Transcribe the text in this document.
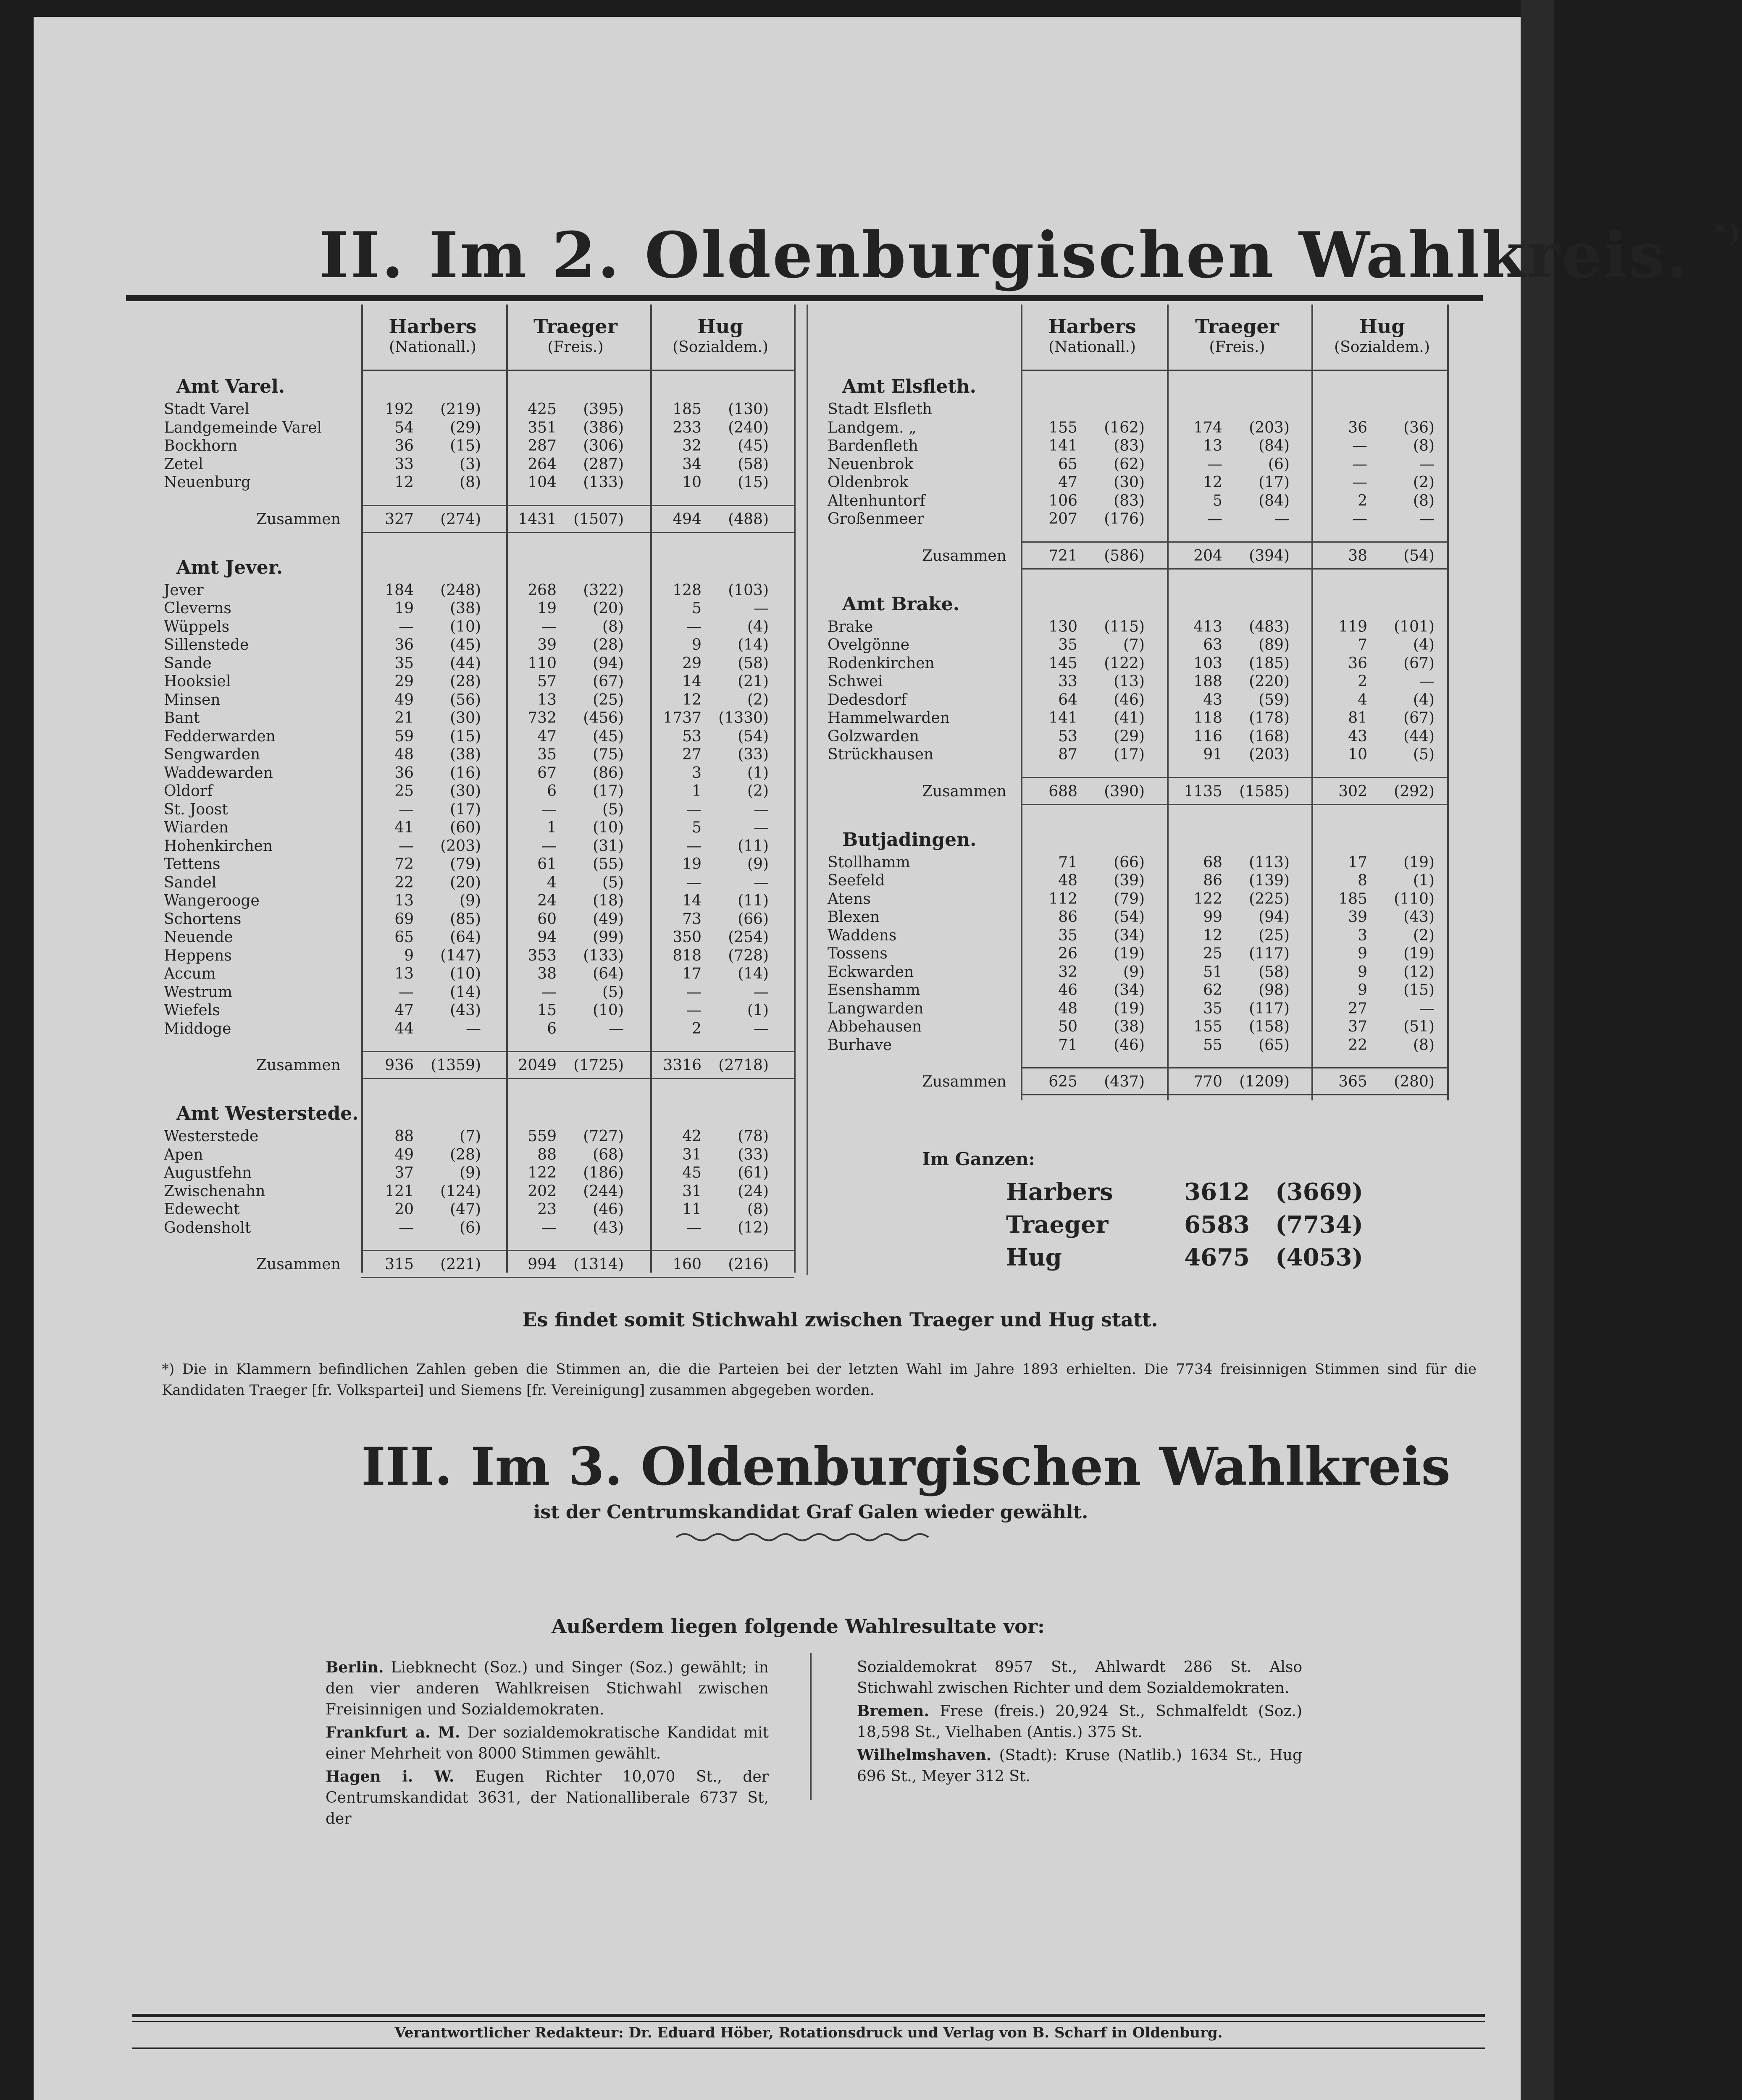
II. Im 2. Oldenburgischen Wahlkreis. *)
Es findet somit Stichwahl zwischen Traeger und Hug statt.
*) Die in Klammern befindlichen Zahlen geben die Stimmen an, die die Parteien bei der letzten Wahl im Jahre 1893 erhielten. Die 7734 freisinnigen Stimmen sind für die Kandidaten Traeger [fr. Volkspartei] und Siemens [fr. Vereinigung] zusammen abgegeben worden.
III. Im 3. Oldenburgischen Wahlkreis
ist der Centrumskandidat Graf Galen wieder gewählt.
Außerdem liegen folgende Wahlresultate vor:
Berlin. Liebknecht (Soz.) und Singer (Soz.) gewählt; in den vier anderen Wahlkreisen Stichwahl zwischen Freisinnigen und Sozialdemokraten.
Frankfurt a. M. Der sozialdemokratische Kandidat mit einer Mehrheit von 8000 Stimmen gewählt.
Hagen i. W. Eugen Richter 10,070 St., der Centrumskandidat 3631, der Nationalliberale 6737 St, der
Sozialdemokrat 8957 St., Ahlwardt 286 St. Also Stichwahl zwischen Richter und dem Sozialdemokraten.
Bremen. Frese (freis.) 20,924 St., Schmalfeldt (Soz.) 18,598 St., Vielhaben (Antis.) 375 St.
Wilhelmshaven. (Stadt): Kruse (Natlib.) 1634 St., Hug 696 St., Meyer 312 St.
Verantwortlicher Redakteur: Dr. Eduard Höber, Rotationsdruck und Verlag von B. Scharf in Oldenburg.
Harbers
(Nationall.)
Traeger
(Freis.)
Hug
(Sozialdem.)
Amt Varel.
Stadt Varel	192	(219)	425	(395)	185	(130)
Landgemeinde Varel	54	(29)	351	(386)	233	(240)
Bockhorn	36	(15)	287	(306)	32	(45)
Zetel	33	(3)	264	(287)	34	(58)
Neuenburg	12	(8)	104	(133)	10	(15)
Zusammen	327	(274)	1431	(1507)	494	(488)
Amt Jever.
Jever	184	(248)	268	(322)	128	(103)
Cleverns	19	(38)	19	(20)	5	—
Wüppels	—	(10)	—	(8)	—	(4)
Sillenstede	36	(45)	39	(28)	9	(14)
Sande	35	(44)	110	(94)	29	(58)
Hooksiel	29	(28)	57	(67)	14	(21)
Minsen	49	(56)	13	(25)	12	(2)
Bant	21	(30)	732	(456)	1737	(1330)
Fedderwarden	59	(15)	47	(45)	53	(54)
Sengwarden	48	(38)	35	(75)	27	(33)
Waddewarden	36	(16)	67	(86)	3	(1)
Oldorf	25	(30)	6	(17)	1	(2)
St. Joost	—	(17)	—	(5)	—	—
Wiarden	41	(60)	1	(10)	5	—
Hohenkirchen	—	(203)	—	(31)	—	(11)
Tettens	72	(79)	61	(55)	19	(9)
Sandel	22	(20)	4	(5)	—	—
Wangerooge	13	(9)	24	(18)	14	(11)
Schortens	69	(85)	60	(49)	73	(66)
Neuende	65	(64)	94	(99)	350	(254)
Heppens	9	(147)	353	(133)	818	(728)
Accum	13	(10)	38	(64)	17	(14)
Westrum	—	(14)	—	(5)	—	—
Wiefels	47	(43)	15	(10)	—	(1)
Middoge	44	—	6	—	2	—
Zusammen	936	(1359)	2049	(1725)	3316	(2718)
Amt Westerstede.
Westerstede	88	(7)	559	(727)	42	(78)
Apen	49	(28)	88	(68)	31	(33)
Augustfehn	37	(9)	122	(186)	45	(61)
Zwischenahn	121	(124)	202	(244)	31	(24)
Edewecht	20	(47)	23	(46)	11	(8)
Godensholt	—	(6)	—	(43)	—	(12)
Zusammen	315	(221)	994	(1314)	160	(216)
Harbers
(Nationall.)
Traeger
(Freis.)
Hug
(Sozialdem.)
Amt Elsfleth.
Stadt Elsfleth
Landgem. „	155	(162)	174	(203)	36	(36)
Bardenfleth	141	(83)	13	(84)	—	(8)
Neuenbrok	65	(62)	—	(6)	—	—
Oldenbrok	47	(30)	12	(17)	—	(2)
Altenhuntorf	106	(83)	5	(84)	2	(8)
Großenmeer	207	(176)	—	—	—	—
Zusammen	721	(586)	204	(394)	38	(54)
Amt Brake.
Brake	130	(115)	413	(483)	119	(101)
Ovelgönne	35	(7)	63	(89)	7	(4)
Rodenkirchen	145	(122)	103	(185)	36	(67)
Schwei	33	(13)	188	(220)	2	—
Dedesdorf	64	(46)	43	(59)	4	(4)
Hammelwarden	141	(41)	118	(178)	81	(67)
Golzwarden	53	(29)	116	(168)	43	(44)
Strückhausen	87	(17)	91	(203)	10	(5)
Zusammen	688	(390)	1135	(1585)	302	(292)
Butjadingen.
Stollhamm	71	(66)	68	(113)	17	(19)
Seefeld	48	(39)	86	(139)	8	(1)
Atens	112	(79)	122	(225)	185	(110)
Blexen	86	(54)	99	(94)	39	(43)
Waddens	35	(34)	12	(25)	3	(2)
Tossens	26	(19)	25	(117)	9	(19)
Eckwarden	32	(9)	51	(58)	9	(12)
Esenshamm	46	(34)	62	(98)	9	(15)
Langwarden	48	(19)	35	(117)	27	—
Abbehausen	50	(38)	155	(158)	37	(51)
Burhave	71	(46)	55	(65)	22	(8)
Zusammen	625	(437)	770	(1209)	365	(280)
Im Ganzen:
Harbers	3612	(3669)
Traeger	6583	(7734)
Hug	4675	(4053)
